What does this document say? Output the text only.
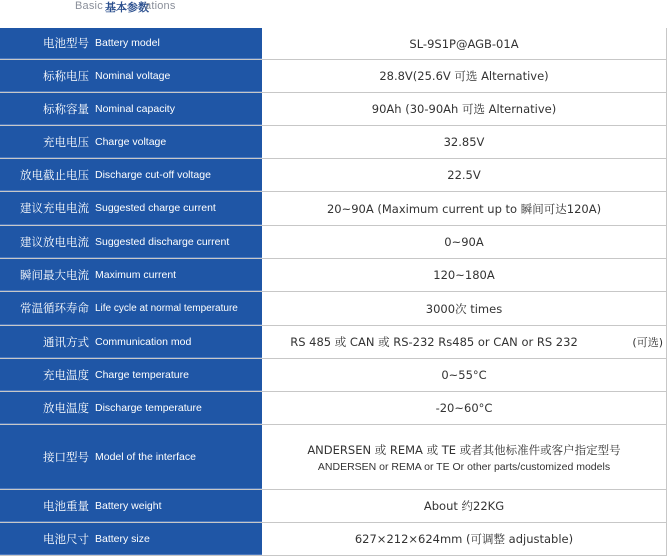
Basic 基本参数
ations
电池型号 Battery model	SL-9S1P@AGB-01A
标称电压 Nominal voltage	28.8V(25.6V 可选 Alternative)
标称容量 Nominal capacity	90Ah (30-90Ah 可选 Alternative)
充电电压 Charge voltage	32.85V
放电截止电压 Discharge cut-off voltage	22.5V
建议充电电流 Suggested charge current	20~90A (Maximum current up to 瞬间可达120A)
建议放电电流 Suggested discharge current	0~90A
瞬间最大电流 Maximum current	120~180A
常温循环寿命 Life cycle at normal temperature	3000次 times
通讯方式 Communication mod	RS 485 或 CAN 或 RS-232 Rs485 or CAN or RS 232	(可选)
充电温度 Charge temperature	0~55°C
放电温度 Discharge temperature	-20~60°C
接口型号 Model of the interface	ANDERSEN 或 REMA 或 TE 或者其他标准件或客户指定型号
ANDERSEN or REMA or TE Or other parts/customized models
电池重量 Battery weight	About 约22KG
电池尺寸 Battery size	627×212×624mm (可调整 adjustable)
